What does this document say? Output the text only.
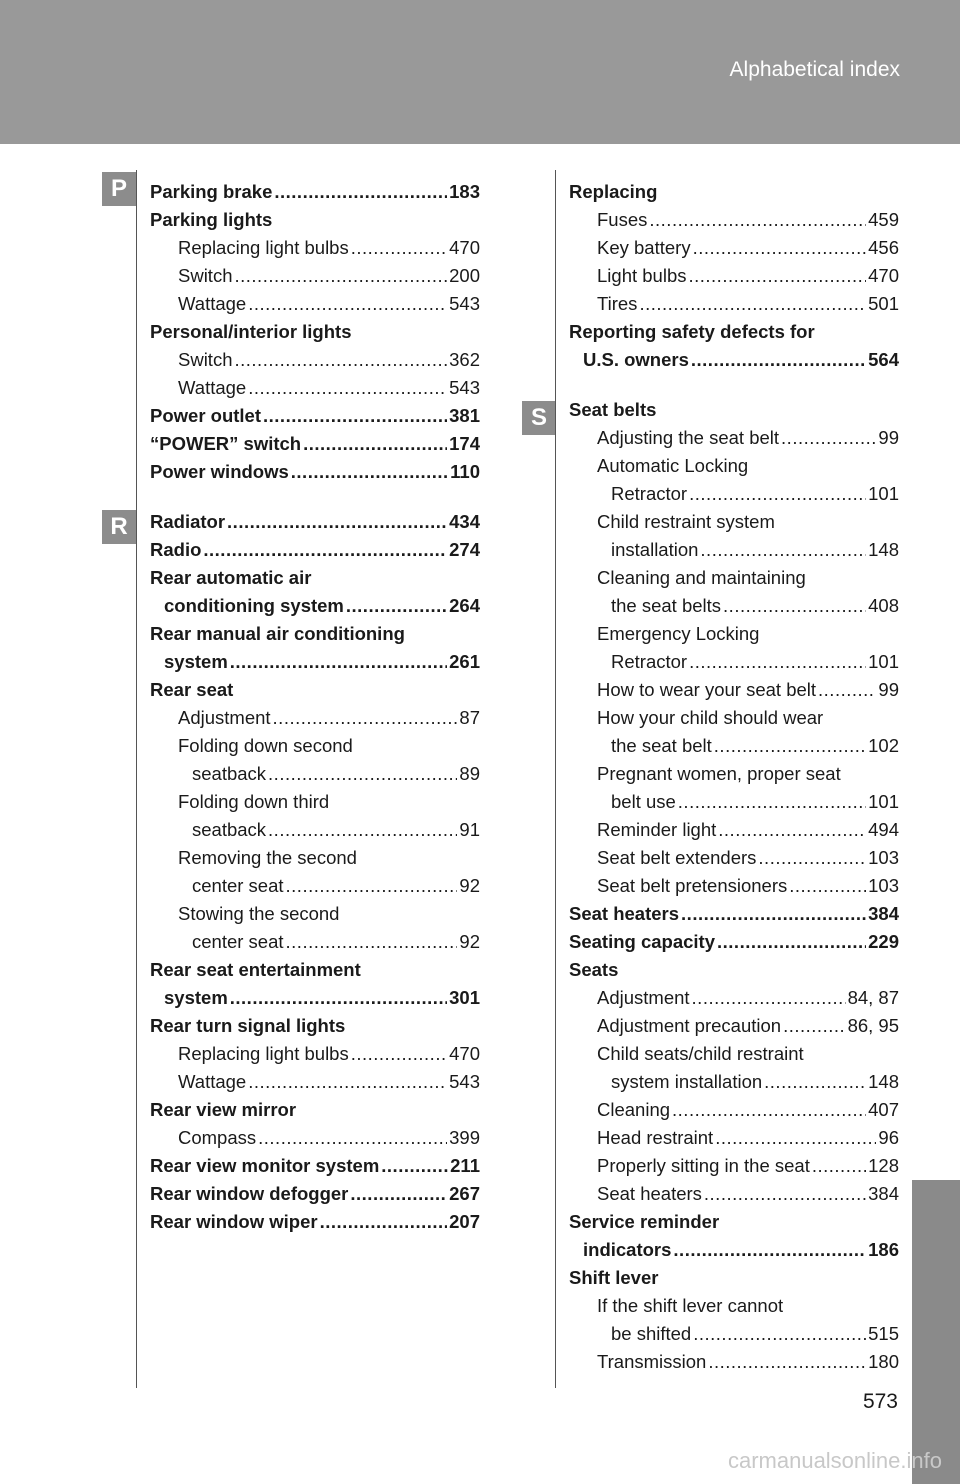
Alphabetical index
P
R
S
Parking brake .....	183
Parking lights
Replacing light bulbs .....	470
Switch .....	200
Wattage .....	543
Personal/interior lights
Switch .....	362
Wattage .....	543
Power outlet .....	381
“POWER” switch .....	174
Power windows .....	110
Radiator .....	434
Radio .....	274
Rear automatic air
conditioning system .....	264
Rear manual air conditioning
system .....	261
Rear seat
Adjustment .....	87
Folding down second
seatback .....	89
Folding down third
seatback .....	91
Removing the second
center seat .....	92
Stowing the second
center seat .....	92
Rear seat entertainment
system .....	301
Rear turn signal lights
Replacing light bulbs .....	470
Wattage .....	543
Rear view mirror
Compass .....	399
Rear view monitor system .....	211
Rear window defogger .....	267
Rear window wiper .....	207
Replacing
Fuses .....	459
Key battery .....	456
Light bulbs .....	470
Tires .....	501
Reporting safety defects for
U.S. owners .....	564
Seat belts
Adjusting the seat belt .....	99
Automatic Locking
Retractor .....	101
Child restraint system
installation .....	148
Cleaning and maintaining
the seat belts .....	408
Emergency Locking
Retractor .....	101
How to wear your seat belt .....	99
How your child should wear
the seat belt .....	102
Pregnant women, proper seat
belt use .....	101
Reminder light .....	494
Seat belt extenders .....	103
Seat belt pretensioners .....	103
Seat heaters .....	384
Seating capacity .....	229
Seats
Adjustment .....	84, 87
Adjustment precaution .....	86, 95
Child seats/child restraint
system installation .....	148
Cleaning .....	407
Head restraint .....	96
Properly sitting in the seat .....	128
Seat heaters .....	384
Service reminder
indicators .....	186
Shift lever
If the shift lever cannot
be shifted .....	515
Transmission .....	180
573
carmanualsonline.info
